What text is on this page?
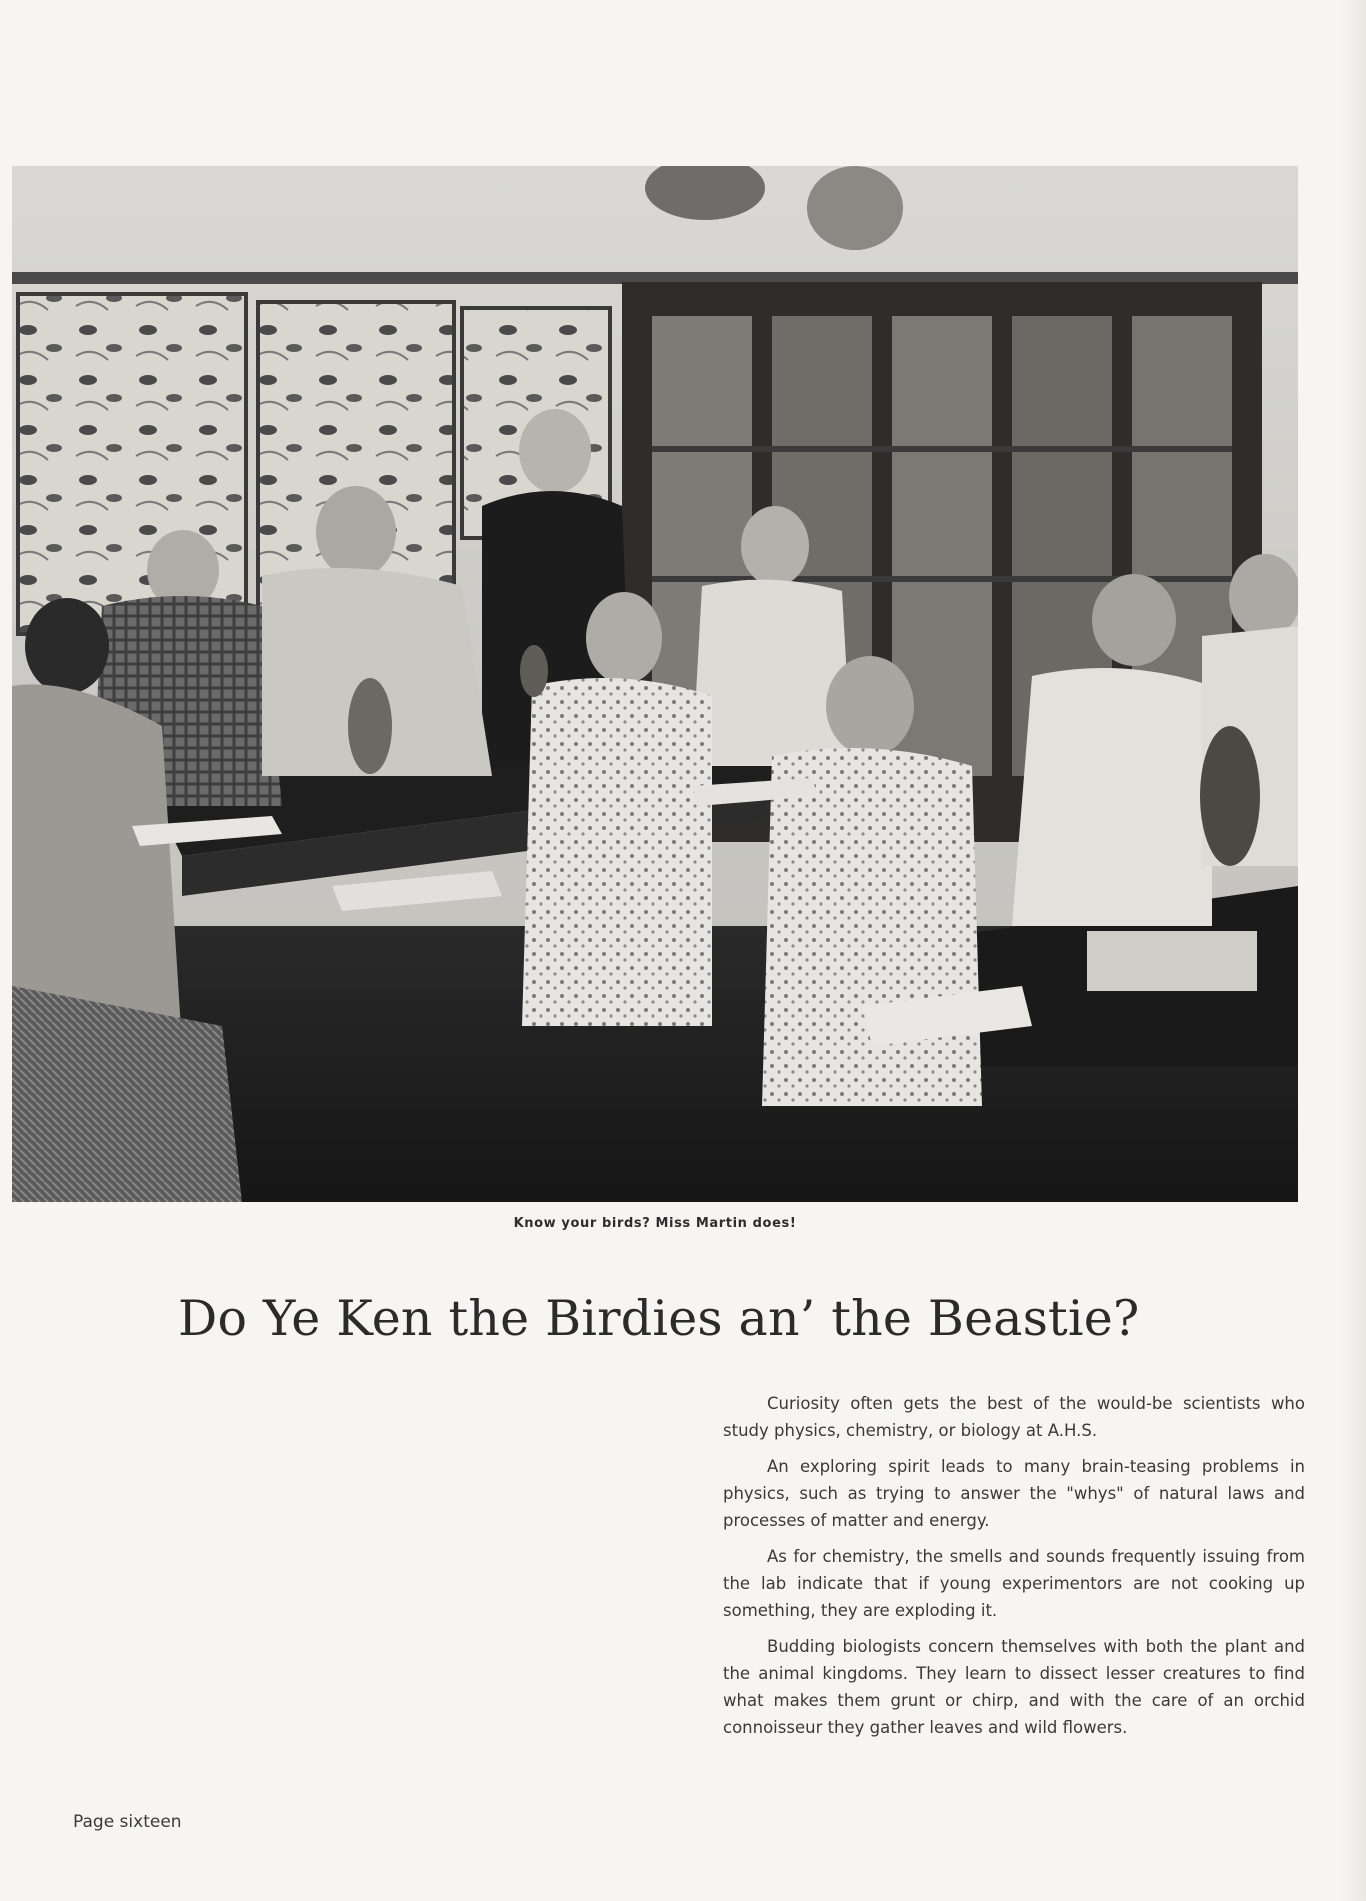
Know your birds? Miss Martin does!
Do Ye Ken the Birdies an’ the Beastie?

Curiosity often gets the best of the would-be scientists who study physics, chemistry, or biology at A.H.S.

An exploring spirit leads to many brain-teasing problems in physics, such as trying to answer the "whys" of natural laws and processes of matter and energy.

As for chemistry, the smells and sounds frequently issuing from the lab indicate that if young experimentors are not cooking up something, they are exploding it.

Budding biologists concern themselves with both the plant and the animal kingdoms. They learn to dissect lesser creatures to find what makes them grunt or chirp, and with the care of an orchid connoisseur they gather leaves and wild flowers.

Page sixteen
